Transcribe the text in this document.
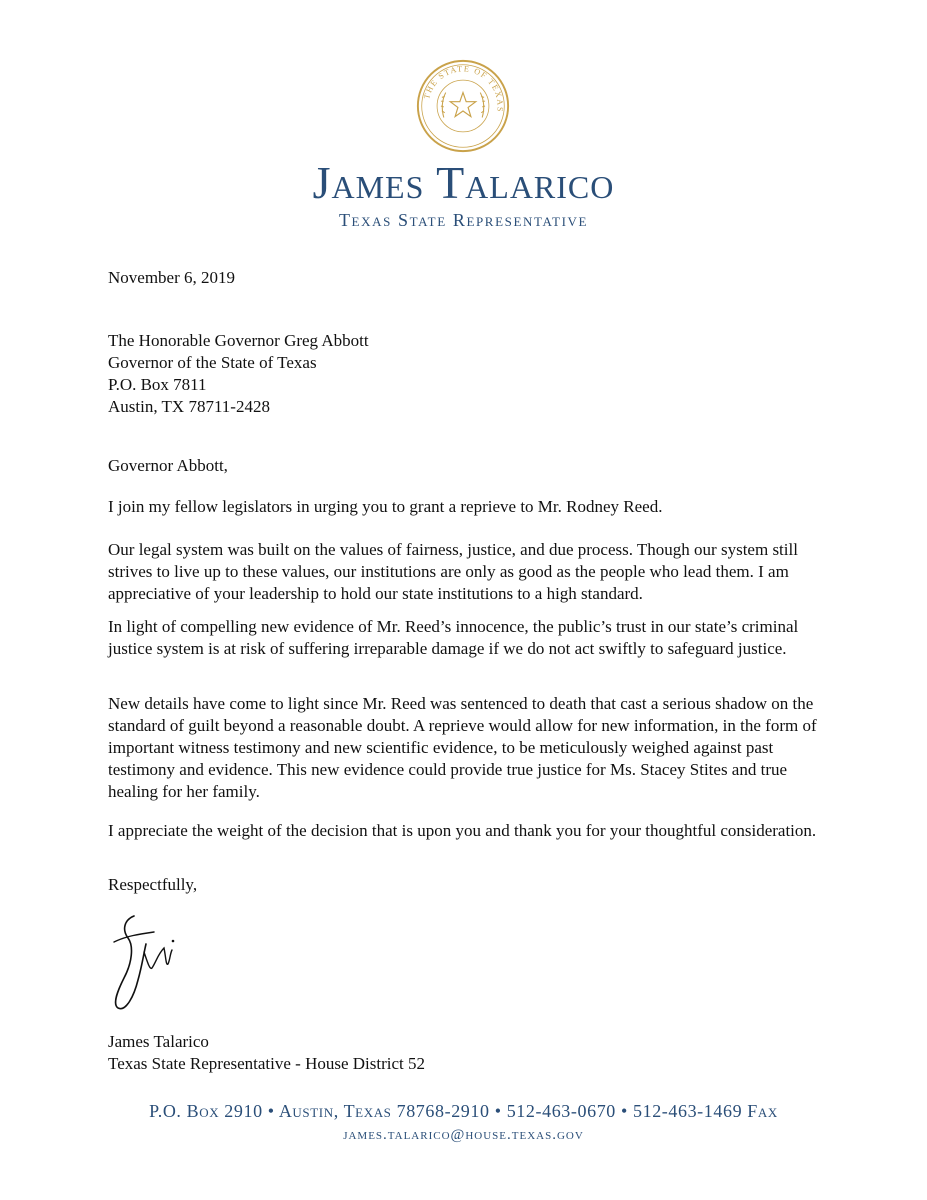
THE STATE OF TEXAS
James Talarico
Texas State Representative
November 6, 2019
The Honorable Governor Greg Abbott
Governor of the State of Texas
P.O. Box 7811
Austin, TX 78711-2428
Governor Abbott,

I join my fellow legislators in urging you to grant a reprieve to Mr. Rodney Reed.

Our legal system was built on the values of fairness, justice, and due process. Though our system still strives to live up to these values, our institutions are only as good as the people who lead them. I am appreciative of your leadership to hold our state institutions to a high standard.

In light of compelling new evidence of Mr. Reed’s innocence, the public’s trust in our state’s criminal justice system is at risk of suffering irreparable damage if we do not act swiftly to safeguard justice.

New details have come to light since Mr. Reed was sentenced to death that cast a serious shadow on the standard of guilt beyond a reasonable doubt. A reprieve would allow for new information, in the form of important witness testimony and new scientific evidence, to be meticulously weighed against past testimony and evidence. This new evidence could provide true justice for Ms. Stacey Stites and true healing for her family.

I appreciate the weight of the decision that is upon you and thank you for your thoughtful consideration.

Respectfully,
James Talarico
Texas State Representative - House District 52
P.O. Box 2910 • Austin, Texas 78768-2910 • 512-463-0670 • 512-463-1469 Fax
james.talarico@house.texas.gov
